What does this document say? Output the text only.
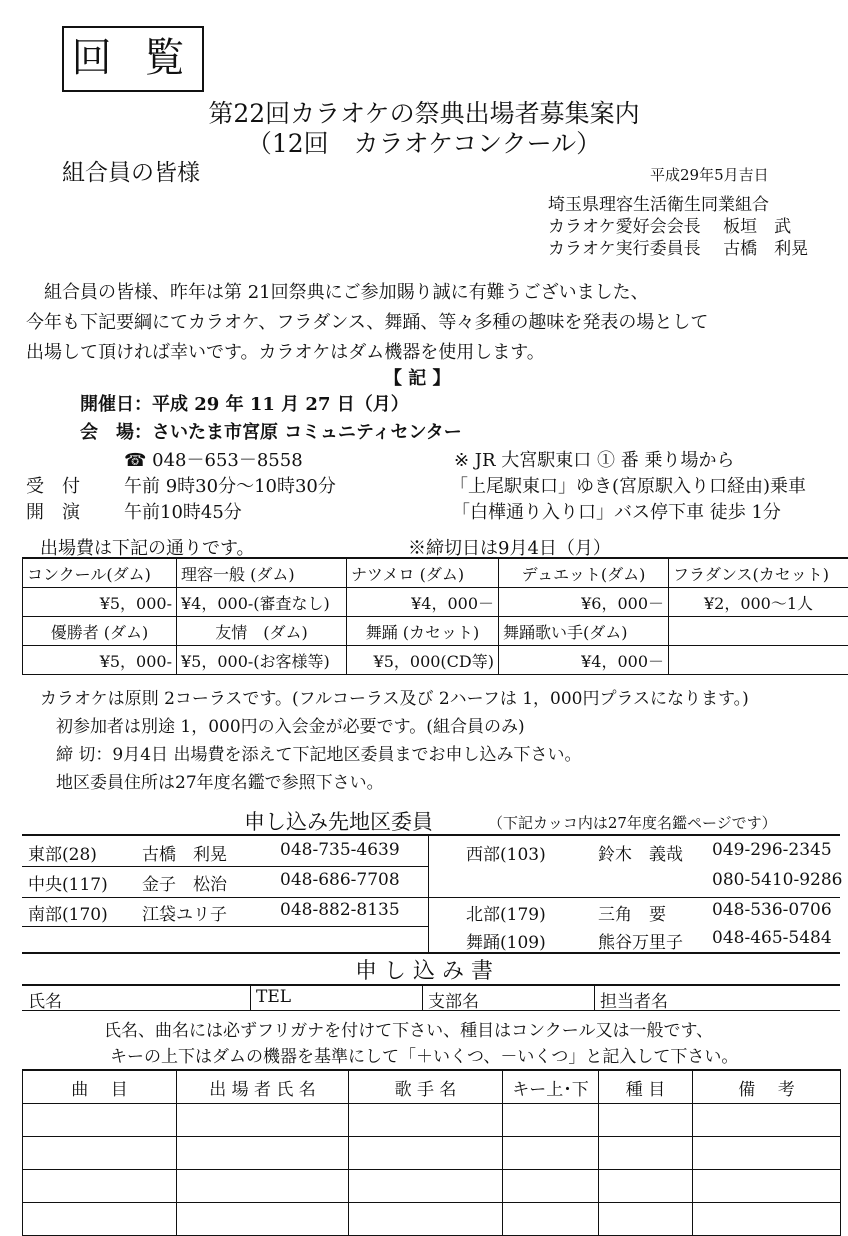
回 覧
第22回カラオケの祭典出場者募集案内
（12回　カラオケコンクール）
組合員の皆様	平成29年5月吉日
埼玉県理容生活衛生同業組合
カラオケ愛好会会長　 板垣　武
カラオケ実行委員長　 古橋　利晃
組合員の皆様、昨年は第 21回祭典にご参加賜り誠に有難うございました、
今年も下記要綱にてカラオケ、フラダンス、舞踊、等々多種の趣味を発表の場として
出場して頂ければ幸いです。カラオケはダム機器を使用します。
【 記 】
開催日：平成 29 年 11 月 27 日（月）
会　場：さいたま市宮原 コミュニティセンター
☎ 048－653－8558
受　付 午前 9時30分～10時30分
開　演 午前10時45分
※ JR 大宮駅東口 ① 番 乗り場から
「上尾駅東口」ゆき(宮原駅入り口経由)乗車
「白樺通り入り口」バス停下車 徒歩 1分
出場費は下記の通りです。	※締切日は9月4日（月）
コンクール(ダム)	理容一般 (ダム)	ナツメロ (ダム)	デュエット(ダム)	フラダンス(カセット)
¥5，000-	¥4，000-(審査なし)	¥4，000－	¥6，000－	¥2，000～1人
優勝者 (ダム)	友情　(ダム)	舞踊 (カセット)	舞踊歌い手(ダム)	
¥5，000-	¥5，000-(お客様等)	¥5，000(CD等)	¥4，000－	
カラオケは原則 2コーラスです。(フルコーラス及び 2ハーフは 1，000円プラスになります。)
初参加者は別途 1，000円の入会金が必要です。(組合員のみ)
締 切：9月4日 出場費を添えて下記地区委員までお申し込み下さい。
地区委員住所は27年度名鑑で参照下さい。
申し込み先地区委員	（下記カッコ内は27年度名鑑ページです）
東部(28)	古橋　利晃	048-735-4639
中央(117) 金子　松治	048-686-7708
南部(170) 江袋ユリ子	048-882-8135
西部(103)	鈴木　義哉 049-296-2345
080-5410-9286
北部(179)	三角　要	048-536-0706
舞踊(109)	熊谷万里子 048-465-5484
申 し 込 み 書
氏名	TEL	支部名	担当者名
氏名、曲名には必ずフリガナを付けて下さい、種目はコンクール又は一般です、
キーの上下はダムの機器を基準にして「＋いくつ、－いくつ」と記入して下さい。
曲　 目	出 場 者 氏 名	歌 手 名	キー上･下	種 目	備　 考
